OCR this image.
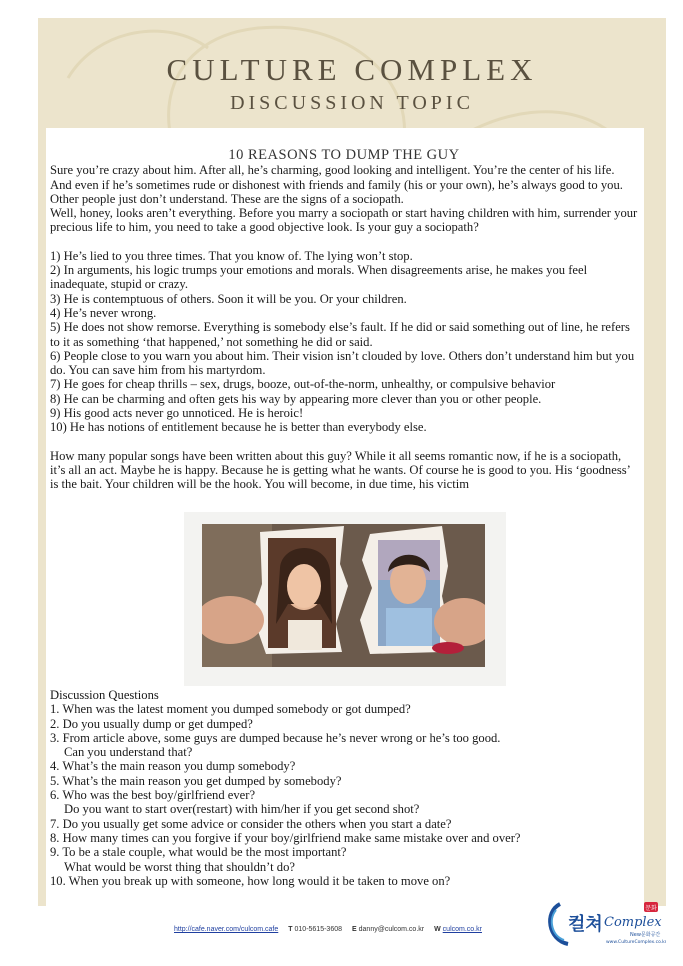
CULTURE COMPLEX
DISCUSSION TOPIC

10 REASONS TO DUMP THE GUY

Sure you’re crazy about him. After all, he’s charming, good looking and intelligent. You’re the center of his life. And even if he’s sometimes rude or dishonest with friends and family (his or your own), he’s always good to you. Other people just don’t understand. These are the signs of a sociopath.

Well, honey, looks aren’t everything. Before you marry a sociopath or start having children with him, surrender your precious life to him, you need to take a good objective look. Is your guy a sociopath?

1) He’s lied to you three times. That you know of. The lying won’t stop.

2) In arguments, his logic trumps your emotions and morals. When disagreements arise, he makes you feel inadequate, stupid or crazy.

3) He is contemptuous of others. Soon it will be you. Or your children.

4) He’s never wrong.

5) He does not show remorse. Everything is somebody else’s fault. If he did or said something out of line, he refers to it as something ‘that happened,’ not something he did or said.

6) People close to you warn you about him. Their vision isn’t clouded by love. Others don’t understand him but you do. You can save him from his martyrdom.

7) He goes for cheap thrills – sex, drugs, booze, out-of-the-norm, unhealthy, or compulsive behavior

8) He can be charming and often gets his way by appearing more clever than you or other people.

9) His good acts never go unnoticed. He is heroic!

10) He has notions of entitlement because he is better than everybody else.

How many popular songs have been written about this guy? While it all seems romantic now, if he is a sociopath, it’s all an act. Maybe he is happy. Because he is getting what he wants. Of course he is good to you. His ‘goodness’ is the bait. Your children will be the hook. You will become, in due time, his victim

Discussion Questions

1. When was the latest moment you dumped somebody or got dumped?

2. Do you usually dump or get dumped?

3. From article above, some guys are dumped because he’s never wrong or he’s too good.

Can you understand that?

4. What’s the main reason you dump somebody?

5. What’s the main reason you get dumped by somebody?

6. Who was the best boy/girlfriend ever?

Do you want to start over(restart) with him/her if you get second shot?

7. Do you usually get some advice or consider the others when you start a date?

8. How many times can you forgive if your boy/girlfriend make same mistake over and over?

9. To be a stale couple, what would be the most important?

What would be worst thing that shouldn’t do?

10. When you break up with someone, how long would it be taken to move on?

http://cafe.naver.com/culcom.cafe T 010-5615-3608 E danny@culcom.co.kr W culcom.co.kr
문화
컬쳐 Complex
New문화공간
www.CultureComplex.co.kr
